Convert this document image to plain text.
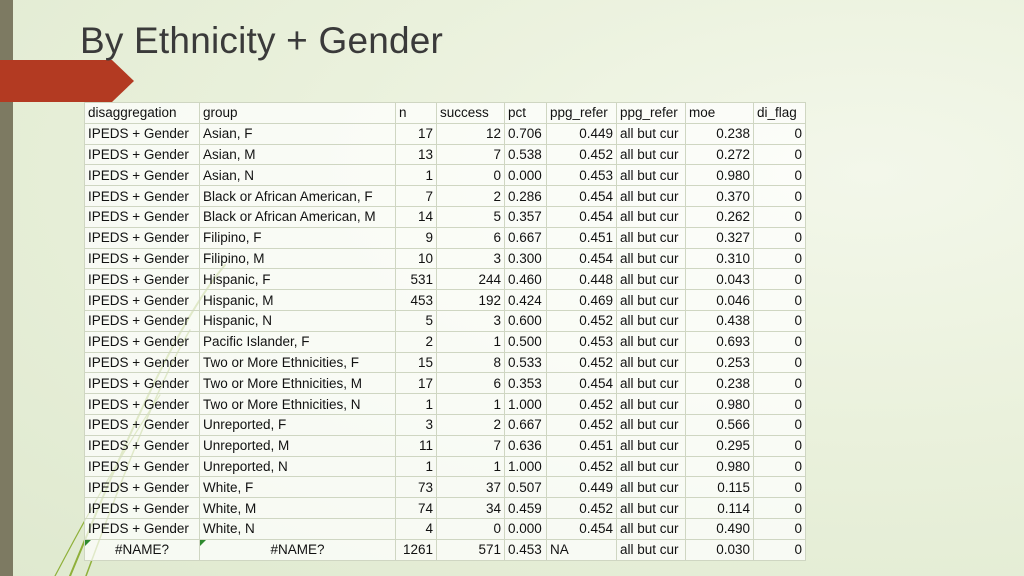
By Ethnicity + Gender
disaggregation	group	n	success	pct	ppg_refer	ppg_refer	moe	di_flag
IPEDS + Gender	Asian, F	17	12	0.706	0.449	all but cur	0.238	0
IPEDS + Gender	Asian, M	13	7	0.538	0.452	all but cur	0.272	0
IPEDS + Gender	Asian, N	1	0	0.000	0.453	all but cur	0.980	0
IPEDS + Gender	Black or African American, F	7	2	0.286	0.454	all but cur	0.370	0
IPEDS + Gender	Black or African American, M	14	5	0.357	0.454	all but cur	0.262	0
IPEDS + Gender	Filipino, F	9	6	0.667	0.451	all but cur	0.327	0
IPEDS + Gender	Filipino, M	10	3	0.300	0.454	all but cur	0.310	0
IPEDS + Gender	Hispanic, F	531	244	0.460	0.448	all but cur	0.043	0
IPEDS + Gender	Hispanic, M	453	192	0.424	0.469	all but cur	0.046	0
IPEDS + Gender	Hispanic, N	5	3	0.600	0.452	all but cur	0.438	0
IPEDS + Gender	Pacific Islander, F	2	1	0.500	0.453	all but cur	0.693	0
IPEDS + Gender	Two or More Ethnicities, F	15	8	0.533	0.452	all but cur	0.253	0
IPEDS + Gender	Two or More Ethnicities, M	17	6	0.353	0.454	all but cur	0.238	0
IPEDS + Gender	Two or More Ethnicities, N	1	1	1.000	0.452	all but cur	0.980	0
IPEDS + Gender	Unreported, F	3	2	0.667	0.452	all but cur	0.566	0
IPEDS + Gender	Unreported, M	11	7	0.636	0.451	all but cur	0.295	0
IPEDS + Gender	Unreported, N	1	1	1.000	0.452	all but cur	0.980	0
IPEDS + Gender	White, F	73	37	0.507	0.449	all but cur	0.115	0
IPEDS + Gender	White, M	74	34	0.459	0.452	all but cur	0.114	0
IPEDS + Gender	White, N	4	0	0.000	0.454	all but cur	0.490	0
#NAME?	#NAME?	1261	571	0.453	NA	all but cur	0.030	0
